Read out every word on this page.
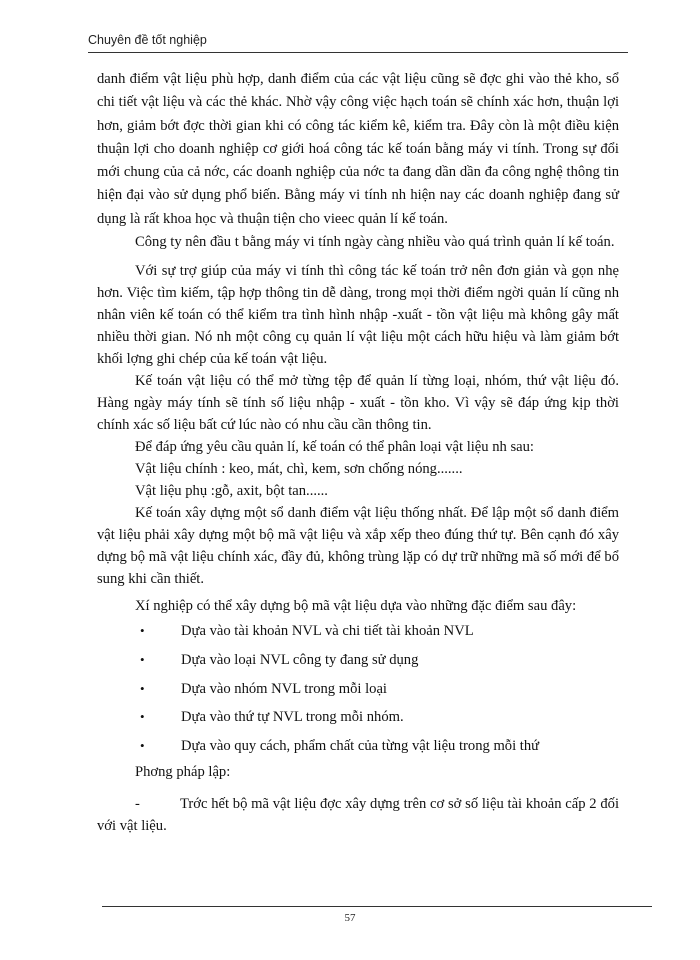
Chuyên đề tốt nghiệp

danh điểm vật liệu phù hợp, danh điểm của các vật liệu cũng sẽ đợc ghi vào thẻ kho, sổ chi tiết vật liệu và các thẻ khác. Nhờ vậy công việc hạch toán sẽ chính xác hơn, thuận lợi hơn, giảm bớt đợc thời gian khi có công tác kiểm kê, kiểm tra. Đây còn là một điều kiện thuận lợi cho doanh nghiệp cơ giới hoá công tác kế toán bằng máy vi tính. Trong sự đổi mới chung của cả nớc, các doanh nghiệp của nớc ta đang dần dần đa công nghệ thông tin hiện đại vào sử dụng phổ biến. Bằng máy vi tính nh hiện nay các doanh nghiệp đang sử dụng là rất khoa học và thuận tiện cho vieec quản lí kế toán.

Công ty nên đầu t bằng máy vi tính ngày càng nhiều vào quá trình quản lí kế toán.

Với sự trợ giúp của máy vi tính thì công tác kế toán trở nên đơn giản và gọn nhẹ hơn. Việc tìm kiếm, tập hợp thông tin dễ dàng, trong mọi thời điểm ngời quản lí cũng nh nhân viên kế toán có thể kiểm tra tình hình nhập -xuất - tồn vật liệu mà không gây mất nhiều thời gian. Nó nh một công cụ quản lí vật liệu một cách hữu hiệu và làm giảm bớt khối lợng ghi chép của kế toán vật liệu.

Kế toán vật liệu có thể mở từng tệp để quản lí từng loại, nhóm, thứ vật liệu đó. Hàng ngày máy tính sẽ tính số liệu nhập - xuất - tồn kho. Vì vậy sẽ đáp ứng kịp thời chính xác số liệu bất cứ lúc nào có nhu cầu cần thông tin.

Để đáp ứng yêu cầu quản lí, kế toán có thể phân loại vật liệu nh sau:

Vật liệu chính : keo, mát, chì, kem, sơn chống nóng.......

Vật liệu phụ :gỗ, axit, bột tan......

Kế toán xây dựng một sổ danh điểm vật liệu thống nhất. Để lập một sổ danh điểm vật liệu phải xây dựng một bộ mã vật liệu và xắp xếp theo đúng thứ tự. Bên cạnh đó xây dựng bộ mã vật liệu chính xác, đầy đủ, không trùng lặp có dự trữ những mã số mới để bổ sung khi cần thiết.

Xí nghiệp có thể xây dựng bộ mã vật liệu dựa vào những đặc điểm sau đây:

• Dựa vào tài khoản NVL và chi tiết tài khoản NVL
• Dựa vào loại NVL công ty đang sử dụng
• Dựa vào nhóm NVL trong mỗi loại
• Dựa vào thứ tự NVL trong mỗi nhóm.
• Dựa vào quy cách, phẩm chất của từng vật liệu trong mỗi thứ

Phơng pháp lập:

-	Trớc hết bộ mã vật liệu đợc xây dựng trên cơ sở số liệu tài khoản cấp 2 đối với vật liệu.

57
